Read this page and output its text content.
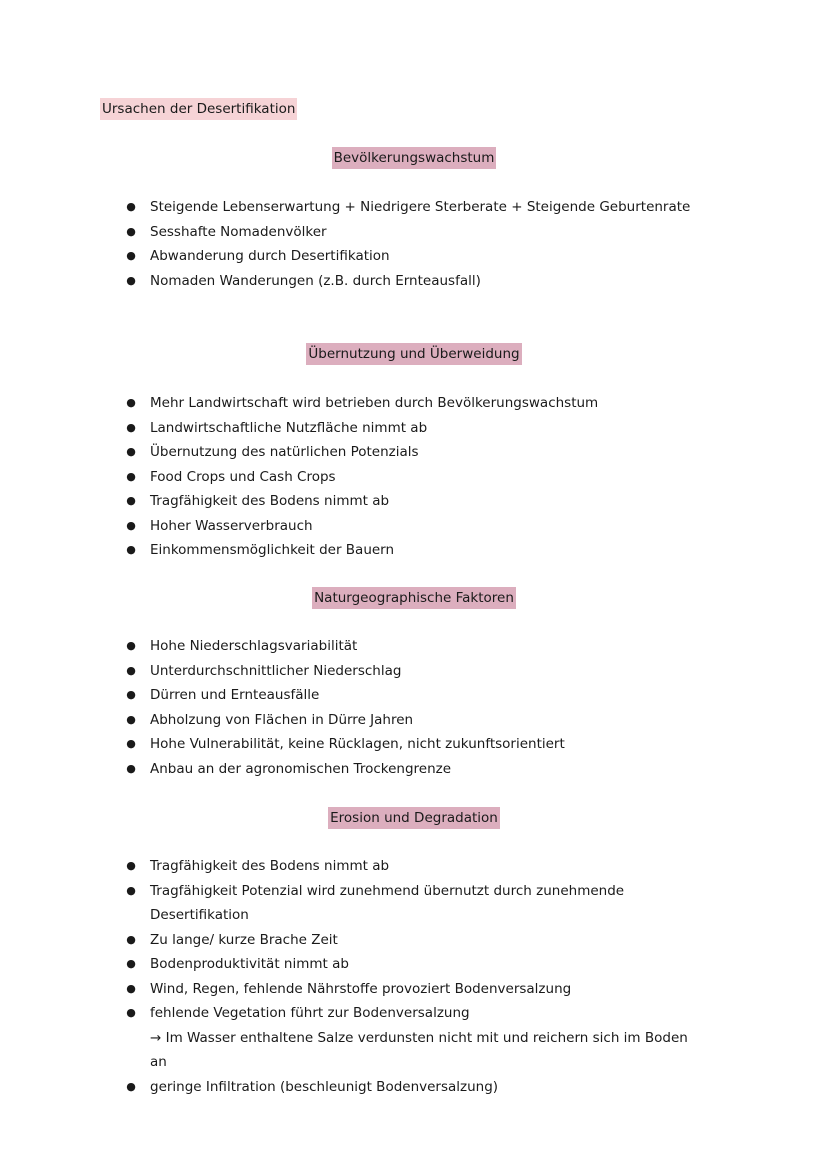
Ursachen der Desertifikation
Bevölkerungswachstum
● Steigende Lebenserwartung + Niedrigere Sterberate + Steigende Geburtenrate
● Sesshafte Nomadenvölker
● Abwanderung durch Desertifikation
● Nomaden Wanderungen (z.B. durch Ernteausfall)
Übernutzung und Überweidung
● Mehr Landwirtschaft wird betrieben durch Bevölkerungswachstum
● Landwirtschaftliche Nutzfläche nimmt ab
● Übernutzung des natürlichen Potenzials
● Food Crops und Cash Crops
● Tragfähigkeit des Bodens nimmt ab
● Hoher Wasserverbrauch
● Einkommensmöglichkeit der Bauern
Naturgeographische Faktoren
● Hohe Niederschlagsvariabilität
● Unterdurchschnittlicher Niederschlag
● Dürren und Ernteausfälle
● Abholzung von Flächen in Dürre Jahren
● Hohe Vulnerabilität, keine Rücklagen, nicht zukunftsorientiert
● Anbau an der agronomischen Trockengrenze
Erosion und Degradation
● Tragfähigkeit des Bodens nimmt ab
● Tragfähigkeit Potenzial wird zunehmend übernutzt durch zunehmende
Desertifikation
● Zu lange/ kurze Brache Zeit
● Bodenproduktivität nimmt ab
● Wind, Regen, fehlende Nährstoffe provoziert Bodenversalzung
● fehlende Vegetation führt zur Bodenversalzung
→ Im Wasser enthaltene Salze verdunsten nicht mit und reichern sich im Boden
an
● geringe Infiltration (beschleunigt Bodenversalzung)
